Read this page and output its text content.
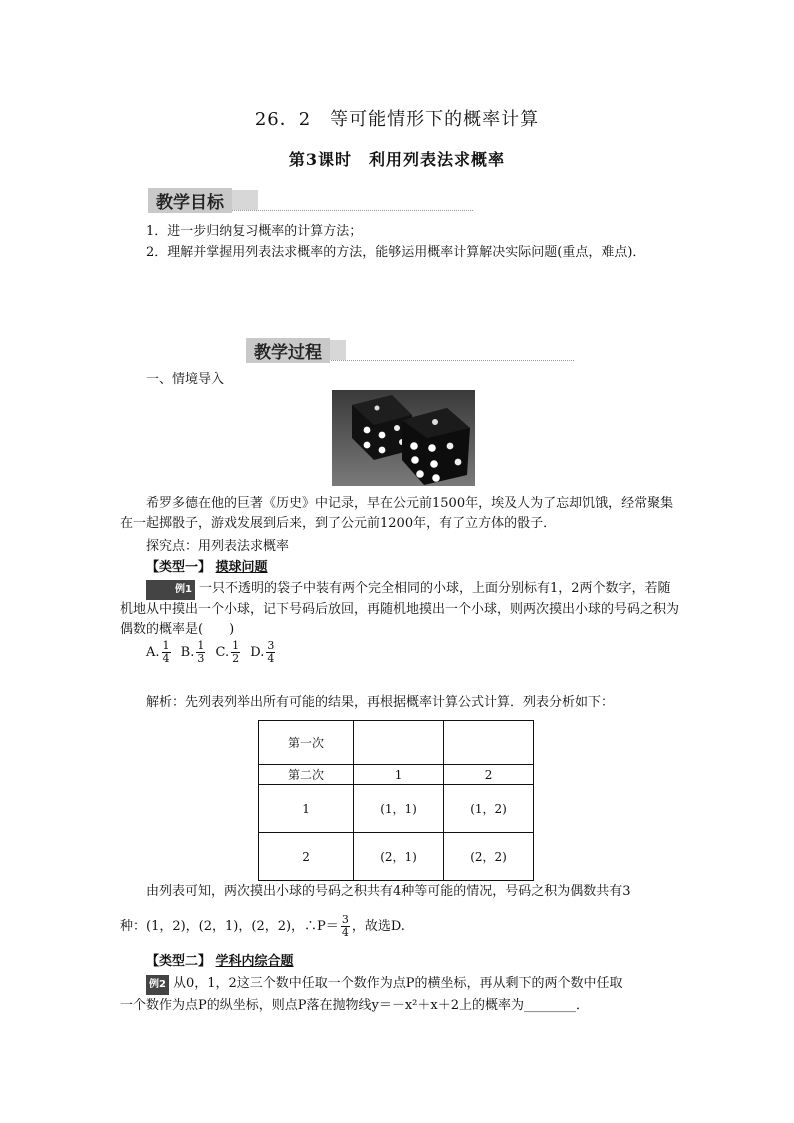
26．2　等可能情形下的概率计算
第3课时　利用列表法求概率
教学目标
1．进一步归纳复习概率的计算方法；
2．理解并掌握用列表法求概率的方法，能够运用概率计算解决实际问题(重点，难点)．
教学过程
一、情境导入
希罗多德在他的巨著《历史》中记录，早在公元前1500年，埃及人为了忘却饥饿，经常聚集在一起掷骰子，游戏发展到后来，到了公元前1200年，有了立方体的骰子．
探究点：用列表法求概率
【类型一】 摸球问题
例1 一只不透明的袋子中装有两个完全相同的小球，上面分别标有1，2两个数字，若随机地从中摸出一个小球，记下号码后放回，再随机地摸出一个小球，则两次摸出小球的号码之积为偶数的概率是(　　)
A. $\frac{1}{4} B$. $\frac{1}{3} C$. $\frac{1}{2} D$. $\frac{3}{4}$
解析：先列表列举出所有可能的结果，再根据概率计算公式计算．列表分析如下：
第一次		
第二次	1	2
1	(1，1)	(1，2)
2	(2，1)	(2，2)
由列表可知，两次摸出小球的号码之积共有4种等可能的情况，号码之积为偶数共有3
种：(1，2)，(2，1)，(2，2)，∴P＝ $\frac{3}{4}$ ，故选D.
【类型二】 学科内综合题
例2 从0，1，2这三个数中任取一个数作为点P的横坐标，再从剩下的两个数中任取
一个数作为点P的纵坐标，则点P落在抛物线y＝－x²＋x＋2上的概率为________．
